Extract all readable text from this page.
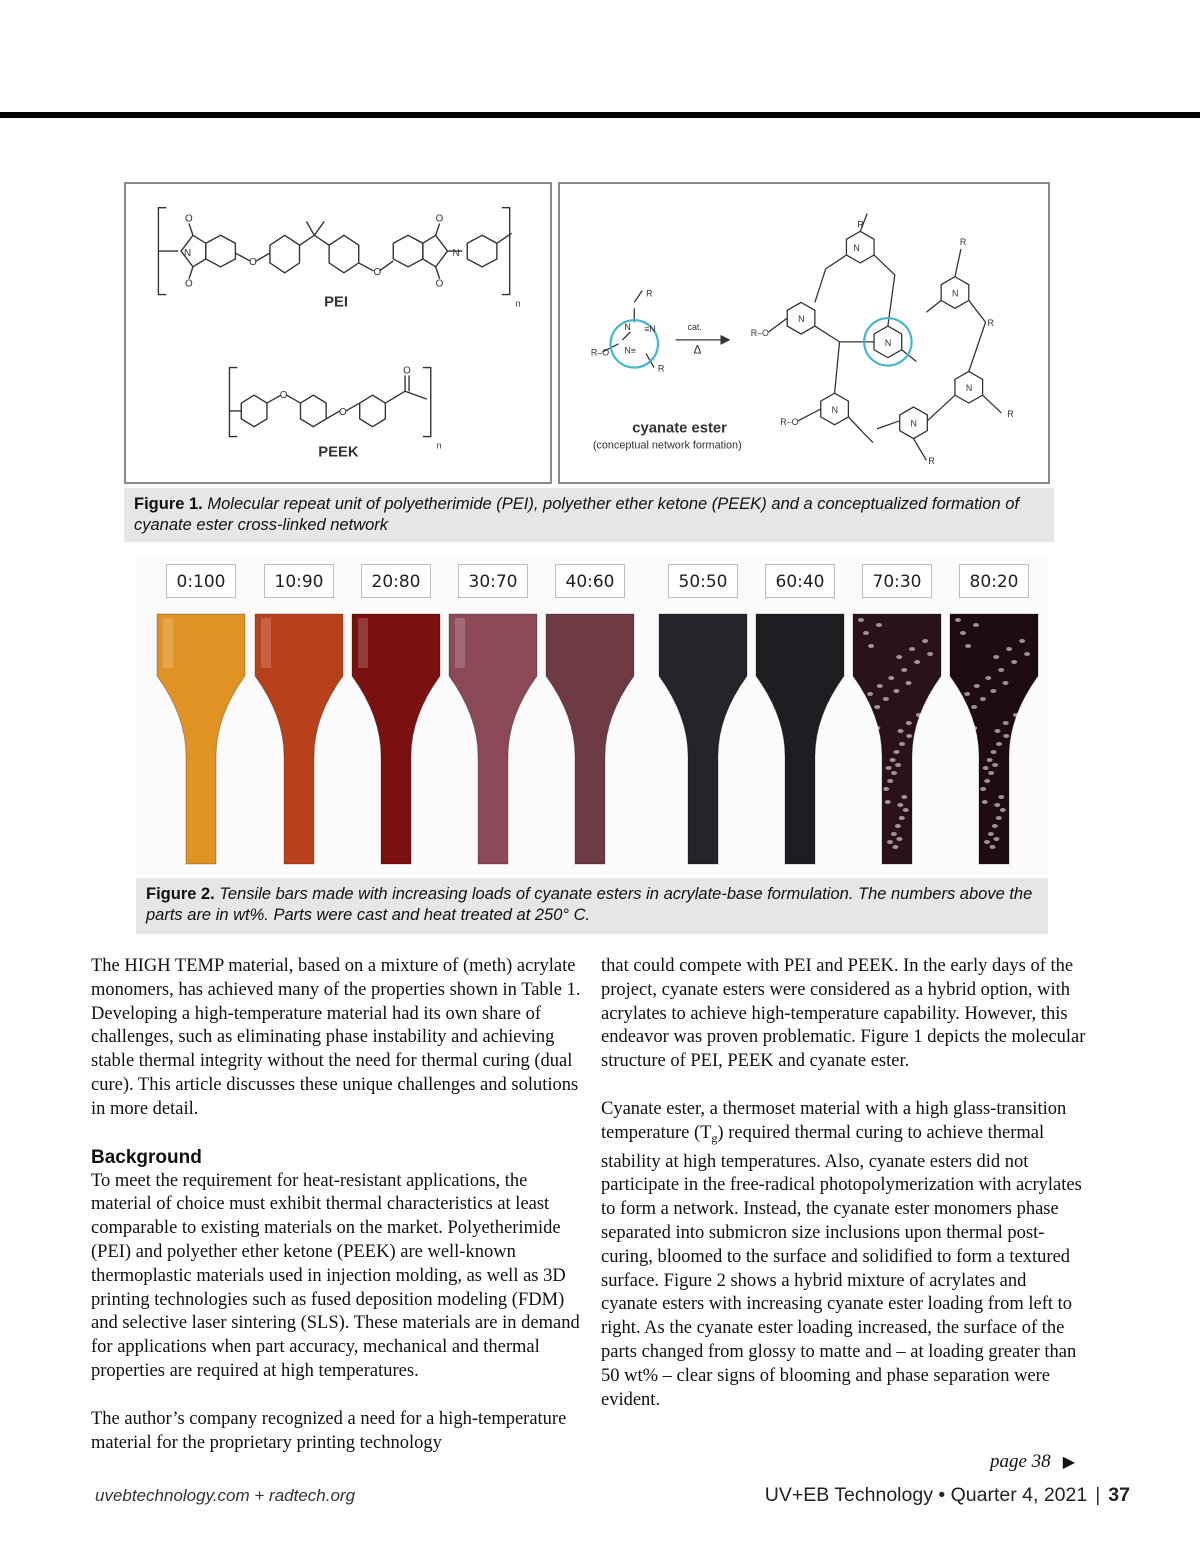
N
O
O
O
O
N
O
O
O
O
O
PEI	n
PEEK	n
R–O
N ≡N
N≡
R
R
R
N
N
N
N
N
N
N
R–O
R
R
R
R–O
R
cat.
Δ
cyanate ester
(conceptual network formation)
Figure 1. Molecular repeat unit of polyetherimide (PEI), polyether ether ketone (PEEK) and a conceptualized formation of cyanate ester cross-linked network
0:100	10:90	20:80	30:70	40:60	50:50	60:40	70:30	80:20
Figure 2. Tensile bars made with increasing loads of cyanate esters in acrylate-base formulation. The numbers above the parts are in wt%. Parts were cast and heat treated at 250° C.

The HIGH TEMP material, based on a mixture of (meth) acrylate monomers, has achieved many of the properties shown in Table 1. Developing a high-temperature material had its own share of challenges, such as eliminating phase instability and achieving stable thermal integrity without the need for thermal curing (dual cure). This article discusses these unique challenges and solutions in more detail.

Background

To meet the requirement for heat-resistant applications, the material of choice must exhibit thermal characteristics at least comparable to existing materials on the market. Polyetherimide (PEI) and polyether ether ketone (PEEK) are well-known thermoplastic materials used in injection molding, as well as 3D printing technologies such as fused deposition modeling (FDM) and selective laser sintering (SLS). These materials are in demand for applications when part accuracy, mechanical and thermal properties are required at high temperatures.

The author’s company recognized a need for a high-temperature material for the proprietary printing technology

that could compete with PEI and PEEK. In the early days of the project, cyanate esters were considered as a hybrid option, with acrylates to achieve high-temperature capability. However, this endeavor was proven problematic. Figure 1 depicts the molecular structure of PEI, PEEK and cyanate ester.

Cyanate ester, a thermoset material with a high glass-transition temperature $(T_g)$ required thermal curing to achieve thermal stability at high temperatures. Also, cyanate esters did not participate in the free-radical photopolymerization with acrylates to form a network. Instead, the cyanate ester monomers phase separated into submicron size inclusions upon thermal post-curing, bloomed to the surface and solidified to form a textured surface. Figure 2 shows a hybrid mixture of acrylates and cyanate esters with increasing cyanate ester loading from left to right. As the cyanate ester loading increased, the surface of the parts changed from glossy to matte and – at loading greater than 50 wt% – clear signs of blooming and phase separation were evident.

page 38 ▶
uvebtechnology.com + radtech.org	UV+EB Technology • Quarter 4, 2021 | 37
